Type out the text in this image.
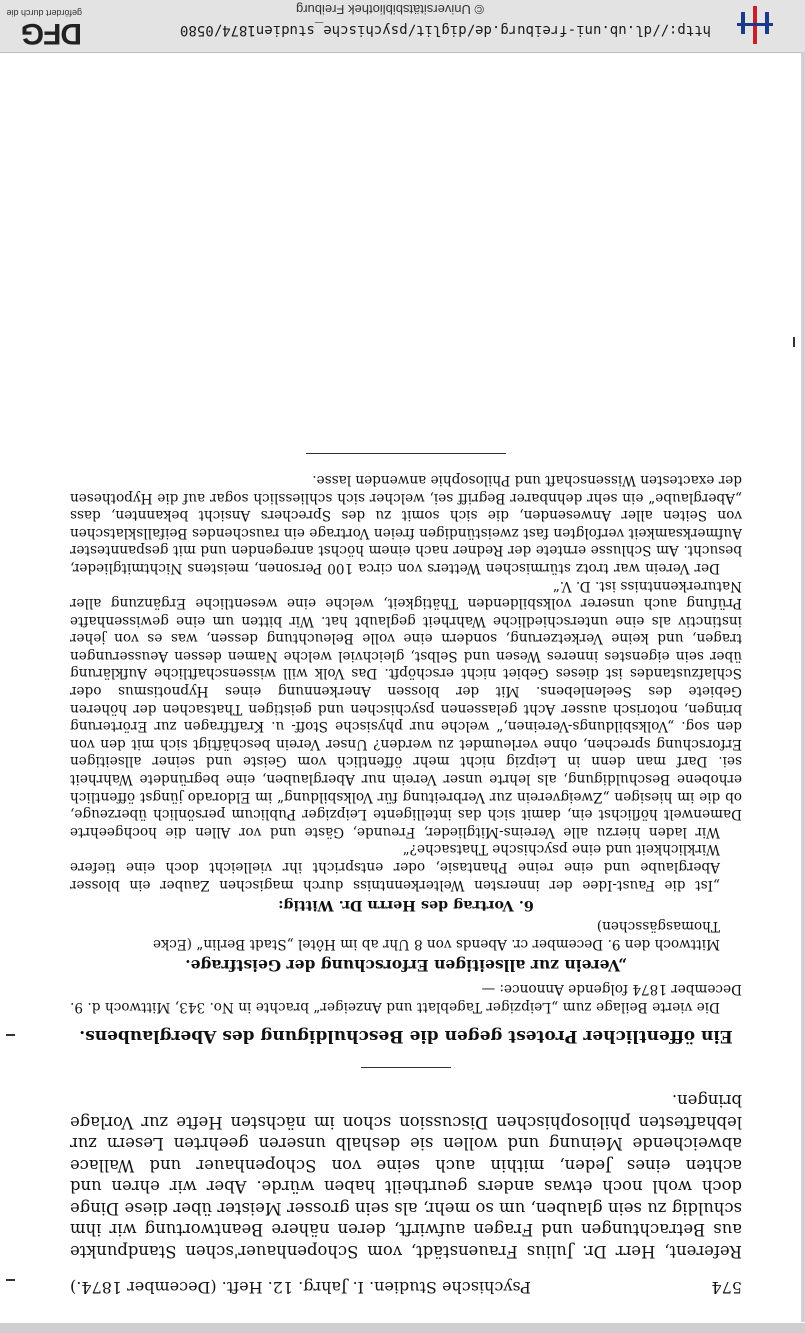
DFG
gefördert durch die	© Universitätsbibliothek Freiburg
http://dl.ub.uni-freiburg.de/diglit/psychische_studien1874/0580
574
Psychische Studien. I. Jahrg. 12. Heft. (December 1874.)

Referent, Herr Dr. Julius Frauenstädt, vom Schopenhauer'schen Standpunkte aus Betrachtungen und Fragen aufwirft, deren nähere Beantwortung wir ihm schuldig zu sein glauben, um so mehr, als sein grosser Meister über diese Dinge doch wohl noch etwas anders geurtheilt haben würde. Aber wir ehren und achten eines Jeden, mithin auch seine von Schopenhauer und Wallace abweichende Meinung und wollen sie deshalb unseren geehrten Lesern zur lebhaftesten philosophischen Discussion schon im nächsten Hefte zur Vorlage bringen.

Ein öffentlicher Protest gegen die Beschuldigung des Aberglaubens.

Die vierte Beilage zum „Leipziger Tageblatt und Anzeiger“ brachte in No. 343, Mittwoch d. 9. December 1874 folgende Annonce: —

„Verein zur allseitigen Erforschung der Geistfrage.

Mittwoch den 9. December cr. Abends von 8 Uhr ab im Hôtel „Stadt Berlin“ (Ecke Thomasgässchen)

6. Vortrag des Herrn Dr. Wittig:

„Ist die Faust-Idee der innersten Welterkenntniss durch magischen Zauber ein blosser Aberglaube und eine reine Phantasie, oder entspricht ihr vielleicht doch eine tiefere Wirklichkeit und eine psychische Thatsache?“

Wir laden hierzu alle Vereins-Mitglieder, Freunde, Gäste und vor Allen die hochgeehrte Damenwelt höflichst ein, damit sich das intelligente Leipziger Publicum persönlich überzeuge, ob die im hiesigen „Zweigverein zur Verbreitung für Volksbildung“ im Eldorado jüngst öffentlich erhobene Beschuldigung, als lehrte unser Verein nur Aberglauben, eine begründete Wahrheit sei. Darf man denn in Leipzig nicht mehr öffentlich vom Geiste und seiner allseitigen Erforschung sprechen, ohne verleumdet zu werden? Unser Verein beschäftigt sich mit den von den sog. „Volksbildungs-Vereinen,“ welche nur physische Stoff- u. Kraftfragen zur Erörterung bringen, notorisch ausser Acht gelassenen psychischen und geistigen Thatsachen der höheren Gebiete des Seelenlebens. Mit der blossen Anerkennung eines Hypnotismus oder Schlafzustandes ist dieses Gebiet nicht erschöpft. Das Volk will wissenschaftliche Aufklärung über sein eigenstes inneres Wesen und Selbst, gleichviel welche Namen dessen Aeusserungen tragen, und keine Verketzerung, sondern eine volle Beleuchtung dessen, was es von jeher instinctiv als eine unterschiedliche Wahrheit geglaubt hat. Wir bitten um eine gewissenhafte Prüfung auch unserer volksbildenden Thätigkeit, welche eine wesentliche Ergänzung aller Naturerkenntniss ist. D. V.“

Der Verein war trotz stürmischen Wetters von circa 100 Personen, meistens Nichtmitglieder, besucht. Am Schlusse erntete der Redner nach einem höchst anregenden und mit gespanntester Aufmerksamkeit verfolgten fast zweistündigen freien Vortrage ein rauschendes Beifallsklatschen von Seiten aller Anwesenden, die sich somit zu des Sprechers Ansicht bekannten, dass „Aberglaube“ ein sehr dehnbarer Begriff sei, welcher sich schliesslich sogar auf die Hypothesen der exactesten Wissenschaft und Philosophie anwenden lasse.
